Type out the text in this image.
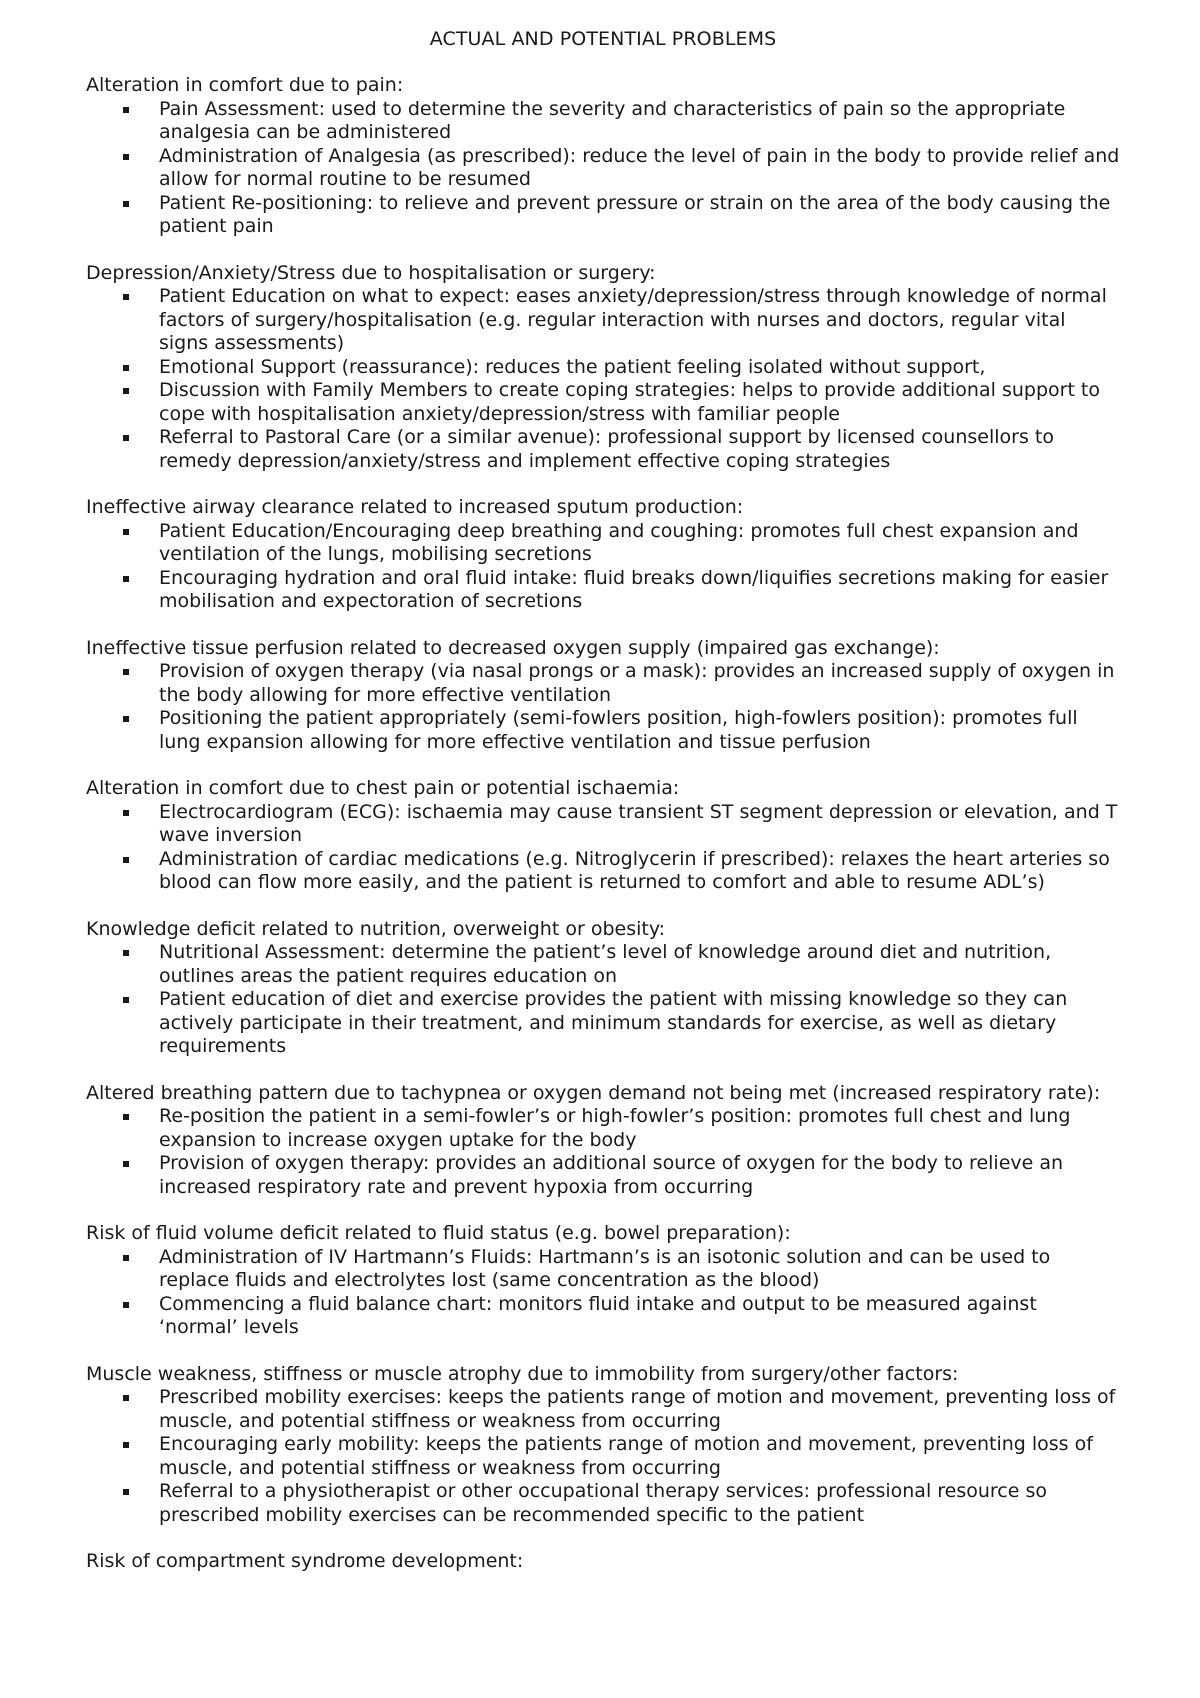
ACTUAL AND POTENTIAL PROBLEMS

Alteration in comfort due to pain:

Pain Assessment: used to determine the severity and characteristics of pain so the appropriate analgesia can be administered
Administration of Analgesia (as prescribed): reduce the level of pain in the body to provide relief and allow for normal routine to be resumed
Patient Re-positioning: to relieve and prevent pressure or strain on the area of the body causing the patient pain

Depression/Anxiety/Stress due to hospitalisation or surgery:

Patient Education on what to expect: eases anxiety/depression/stress through knowledge of normal factors of surgery/hospitalisation (e.g. regular interaction with nurses and doctors, regular vital signs assessments)
Emotional Support (reassurance): reduces the patient feeling isolated without support,
Discussion with Family Members to create coping strategies: helps to provide additional support to cope with hospitalisation anxiety/depression/stress with familiar people
Referral to Pastoral Care (or a similar avenue): professional support by licensed counsellors to remedy depression/anxiety/stress and implement effective coping strategies

Ineffective airway clearance related to increased sputum production:

Patient Education/Encouraging deep breathing and coughing: promotes full chest expansion and ventilation of the lungs, mobilising secretions
Encouraging hydration and oral fluid intake: fluid breaks down/liquifies secretions making for easier mobilisation and expectoration of secretions

Ineffective tissue perfusion related to decreased oxygen supply (impaired gas exchange):

Provision of oxygen therapy (via nasal prongs or a mask): provides an increased supply of oxygen in the body allowing for more effective ventilation
Positioning the patient appropriately (semi-fowlers position, high-fowlers position): promotes full lung expansion allowing for more effective ventilation and tissue perfusion

Alteration in comfort due to chest pain or potential ischaemia:

Electrocardiogram (ECG): ischaemia may cause transient ST segment depression or elevation, and T wave inversion
Administration of cardiac medications (e.g. Nitroglycerin if prescribed): relaxes the heart arteries so blood can flow more easily, and the patient is returned to comfort and able to resume ADL’s)

Knowledge deficit related to nutrition, overweight or obesity:

Nutritional Assessment: determine the patient’s level of knowledge around diet and nutrition, outlines areas the patient requires education on
Patient education of diet and exercise provides the patient with missing knowledge so they can actively participate in their treatment, and minimum standards for exercise, as well as dietary requirements

Altered breathing pattern due to tachypnea or oxygen demand not being met (increased respiratory rate):

Re-position the patient in a semi-fowler’s or high-fowler’s position: promotes full chest and lung expansion to increase oxygen uptake for the body
Provision of oxygen therapy: provides an additional source of oxygen for the body to relieve an increased respiratory rate and prevent hypoxia from occurring

Risk of fluid volume deficit related to fluid status (e.g. bowel preparation):

Administration of IV Hartmann’s Fluids: Hartmann’s is an isotonic solution and can be used to replace fluids and electrolytes lost (same concentration as the blood)
Commencing a fluid balance chart: monitors fluid intake and output to be measured against ‘normal’ levels

Muscle weakness, stiffness or muscle atrophy due to immobility from surgery/other factors:

Prescribed mobility exercises: keeps the patients range of motion and movement, preventing loss of muscle, and potential stiffness or weakness from occurring
Encouraging early mobility: keeps the patients range of motion and movement, preventing loss of muscle, and potential stiffness or weakness from occurring
Referral to a physiotherapist or other occupational therapy services: professional resource so prescribed mobility exercises can be recommended specific to the patient

Risk of compartment syndrome development:
